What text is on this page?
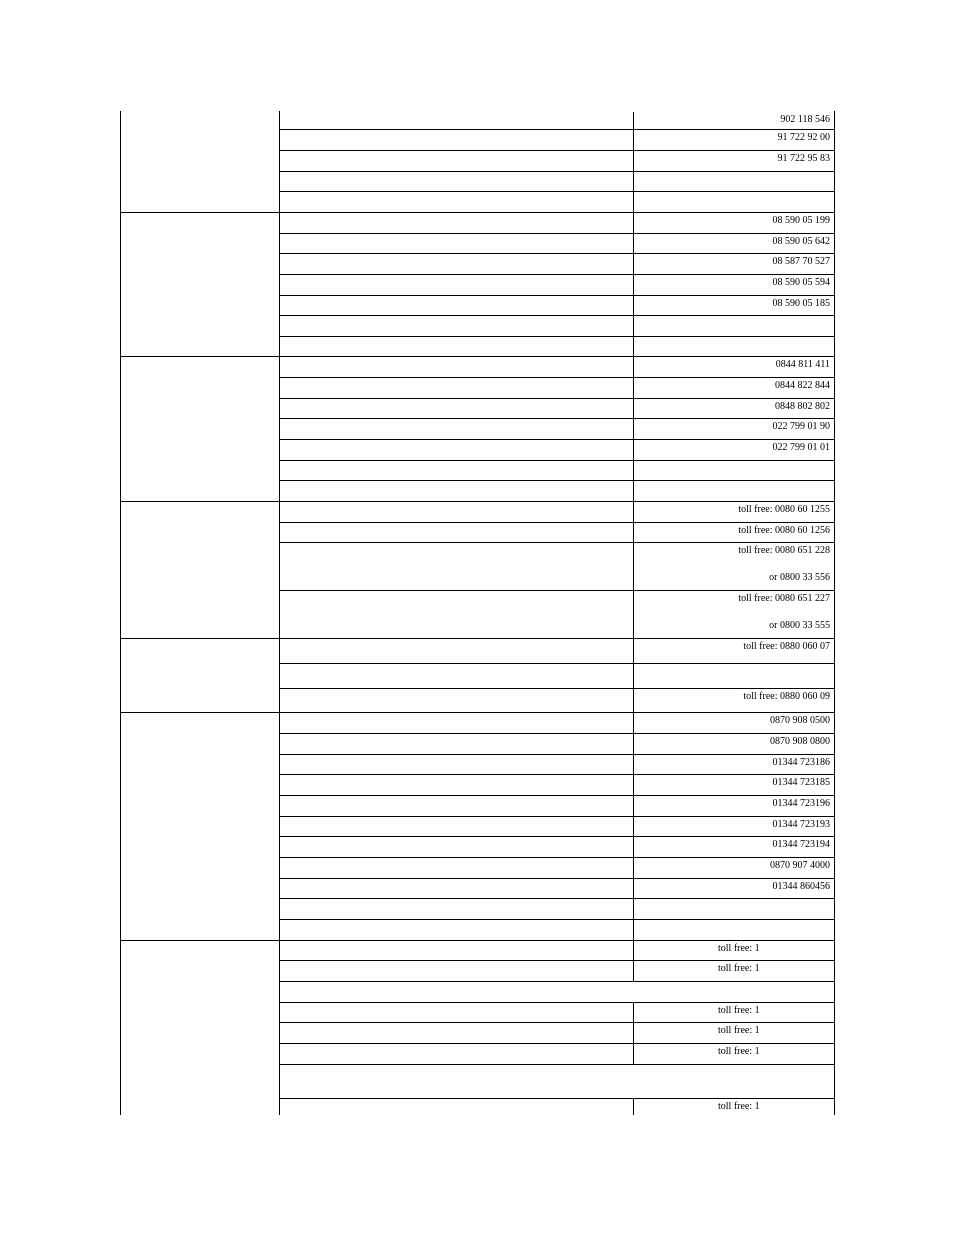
902 118 546
91 722 92 00
91 722 95 83
08 590 05 199
08 590 05 642
08 587 70 527
08 590 05 594
08 590 05 185
0844 811 411
0844 822 844
0848 802 802
022 799 01 90
022 799 01 01
toll free: 0080 60 1255
toll free: 0080 60 1256
toll free: 0080 651 228
or 0800 33 556
toll free: 0080 651 227
or 0800 33 555
toll free: 0880 060 07
toll free: 0880 060 09
0870 908 0500
0870 908 0800
01344 723186
01344 723185
01344 723196
01344 723193
01344 723194
0870 907 4000
01344 860456
toll free: 1
toll free: 1
toll free: 1
toll free: 1
toll free: 1
toll free: 1
